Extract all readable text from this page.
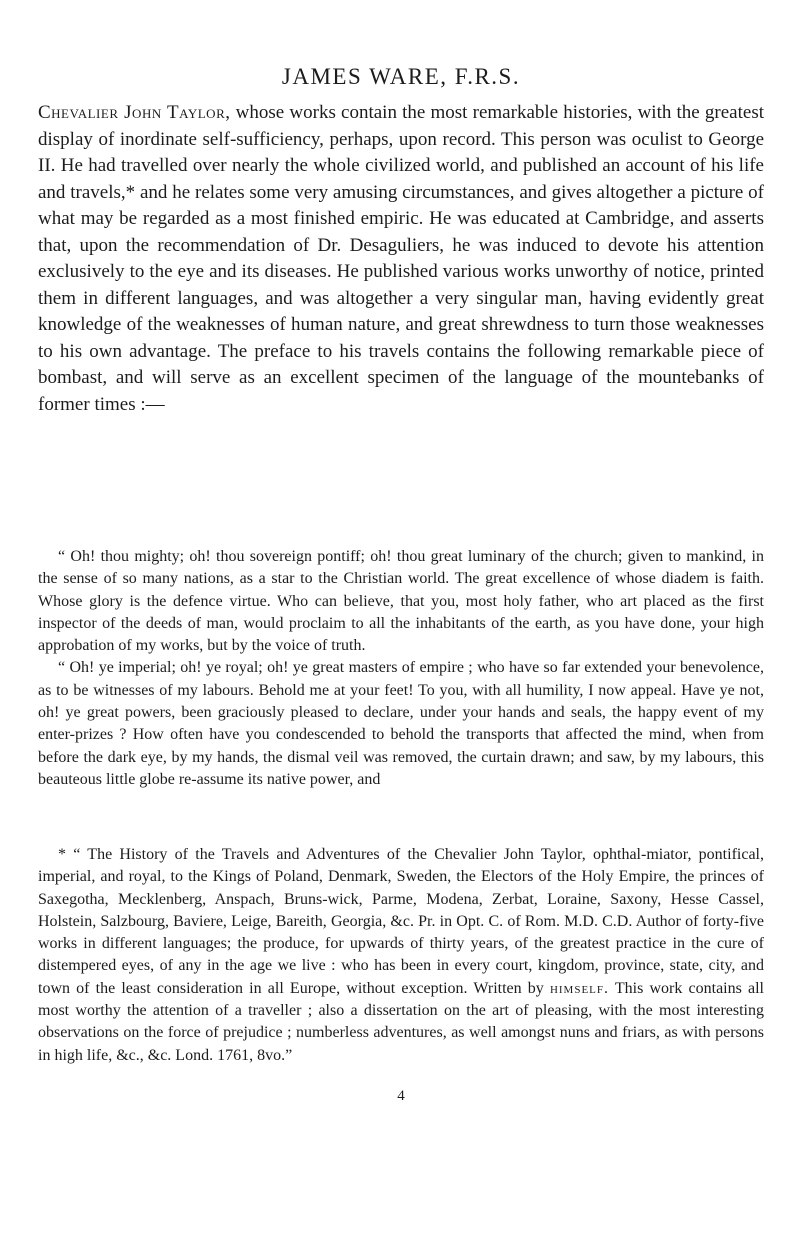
JAMES WARE, F.R.S.

Chevalier John Taylor, whose works contain the most remarkable histories, with the greatest display of inordinate self-sufficiency, perhaps, upon record. This person was oculist to George II. He had travelled over nearly the whole civilized world, and published an account of his life and travels,* and he relates some very amusing circumstances, and gives altogether a picture of what may be regarded as a most finished empiric. He was educated at Cambridge, and asserts that, upon the recommendation of Dr. Desaguliers, he was induced to devote his attention exclusively to the eye and its diseases. He published various works unworthy of notice, printed them in different languages, and was altogether a very singular man, having evidently great knowledge of the weaknesses of human nature, and great shrewdness to turn those weaknesses to his own advantage. The preface to his travels contains the following remarkable piece of bombast, and will serve as an excellent specimen of the language of the mountebanks of former times :—

“ Oh! thou mighty; oh! thou sovereign pontiff; oh! thou great luminary of the church; given to mankind, in the sense of so many nations, as a star to the Christian world. The great excellence of whose diadem is faith. Whose glory is the defence virtue. Who can believe, that you, most holy father, who art placed as the first inspector of the deeds of man, would proclaim to all the inhabitants of the earth, as you have done, your high approbation of my works, but by the voice of truth.

“ Oh! ye imperial; oh! ye royal; oh! ye great masters of empire ; who have so far extended your benevolence, as to be witnesses of my labours. Behold me at your feet! To you, with all humility, I now appeal. Have ye not, oh! ye great powers, been graciously pleased to declare, under your hands and seals, the happy event of my enter-prizes ? How often have you condescended to behold the transports that affected the mind, when from before the dark eye, by my hands, the dismal veil was removed, the curtain drawn; and saw, by my labours, this beauteous little globe re-assume its native power, and

* “ The History of the Travels and Adventures of the Chevalier John Taylor, ophthal-miator, pontifical, imperial, and royal, to the Kings of Poland, Denmark, Sweden, the Electors of the Holy Empire, the princes of Saxegotha, Mecklenberg, Anspach, Bruns-wick, Parme, Modena, Zerbat, Loraine, Saxony, Hesse Cassel, Holstein, Salzbourg, Baviere, Leige, Bareith, Georgia, &c. Pr. in Opt. C. of Rom. M.D. C.D. Author of forty-five works in different languages; the produce, for upwards of thirty years, of the greatest practice in the cure of distempered eyes, of any in the age we live : who has been in every court, kingdom, province, state, city, and town of the least consideration in all Europe, without exception. Written by himself. This work contains all most worthy the attention of a traveller ; also a dissertation on the art of pleasing, with the most interesting observations on the force of prejudice ; numberless adventures, as well amongst nuns and friars, as with persons in high life, &c., &c. Lond. 1761, 8vo.”

4
